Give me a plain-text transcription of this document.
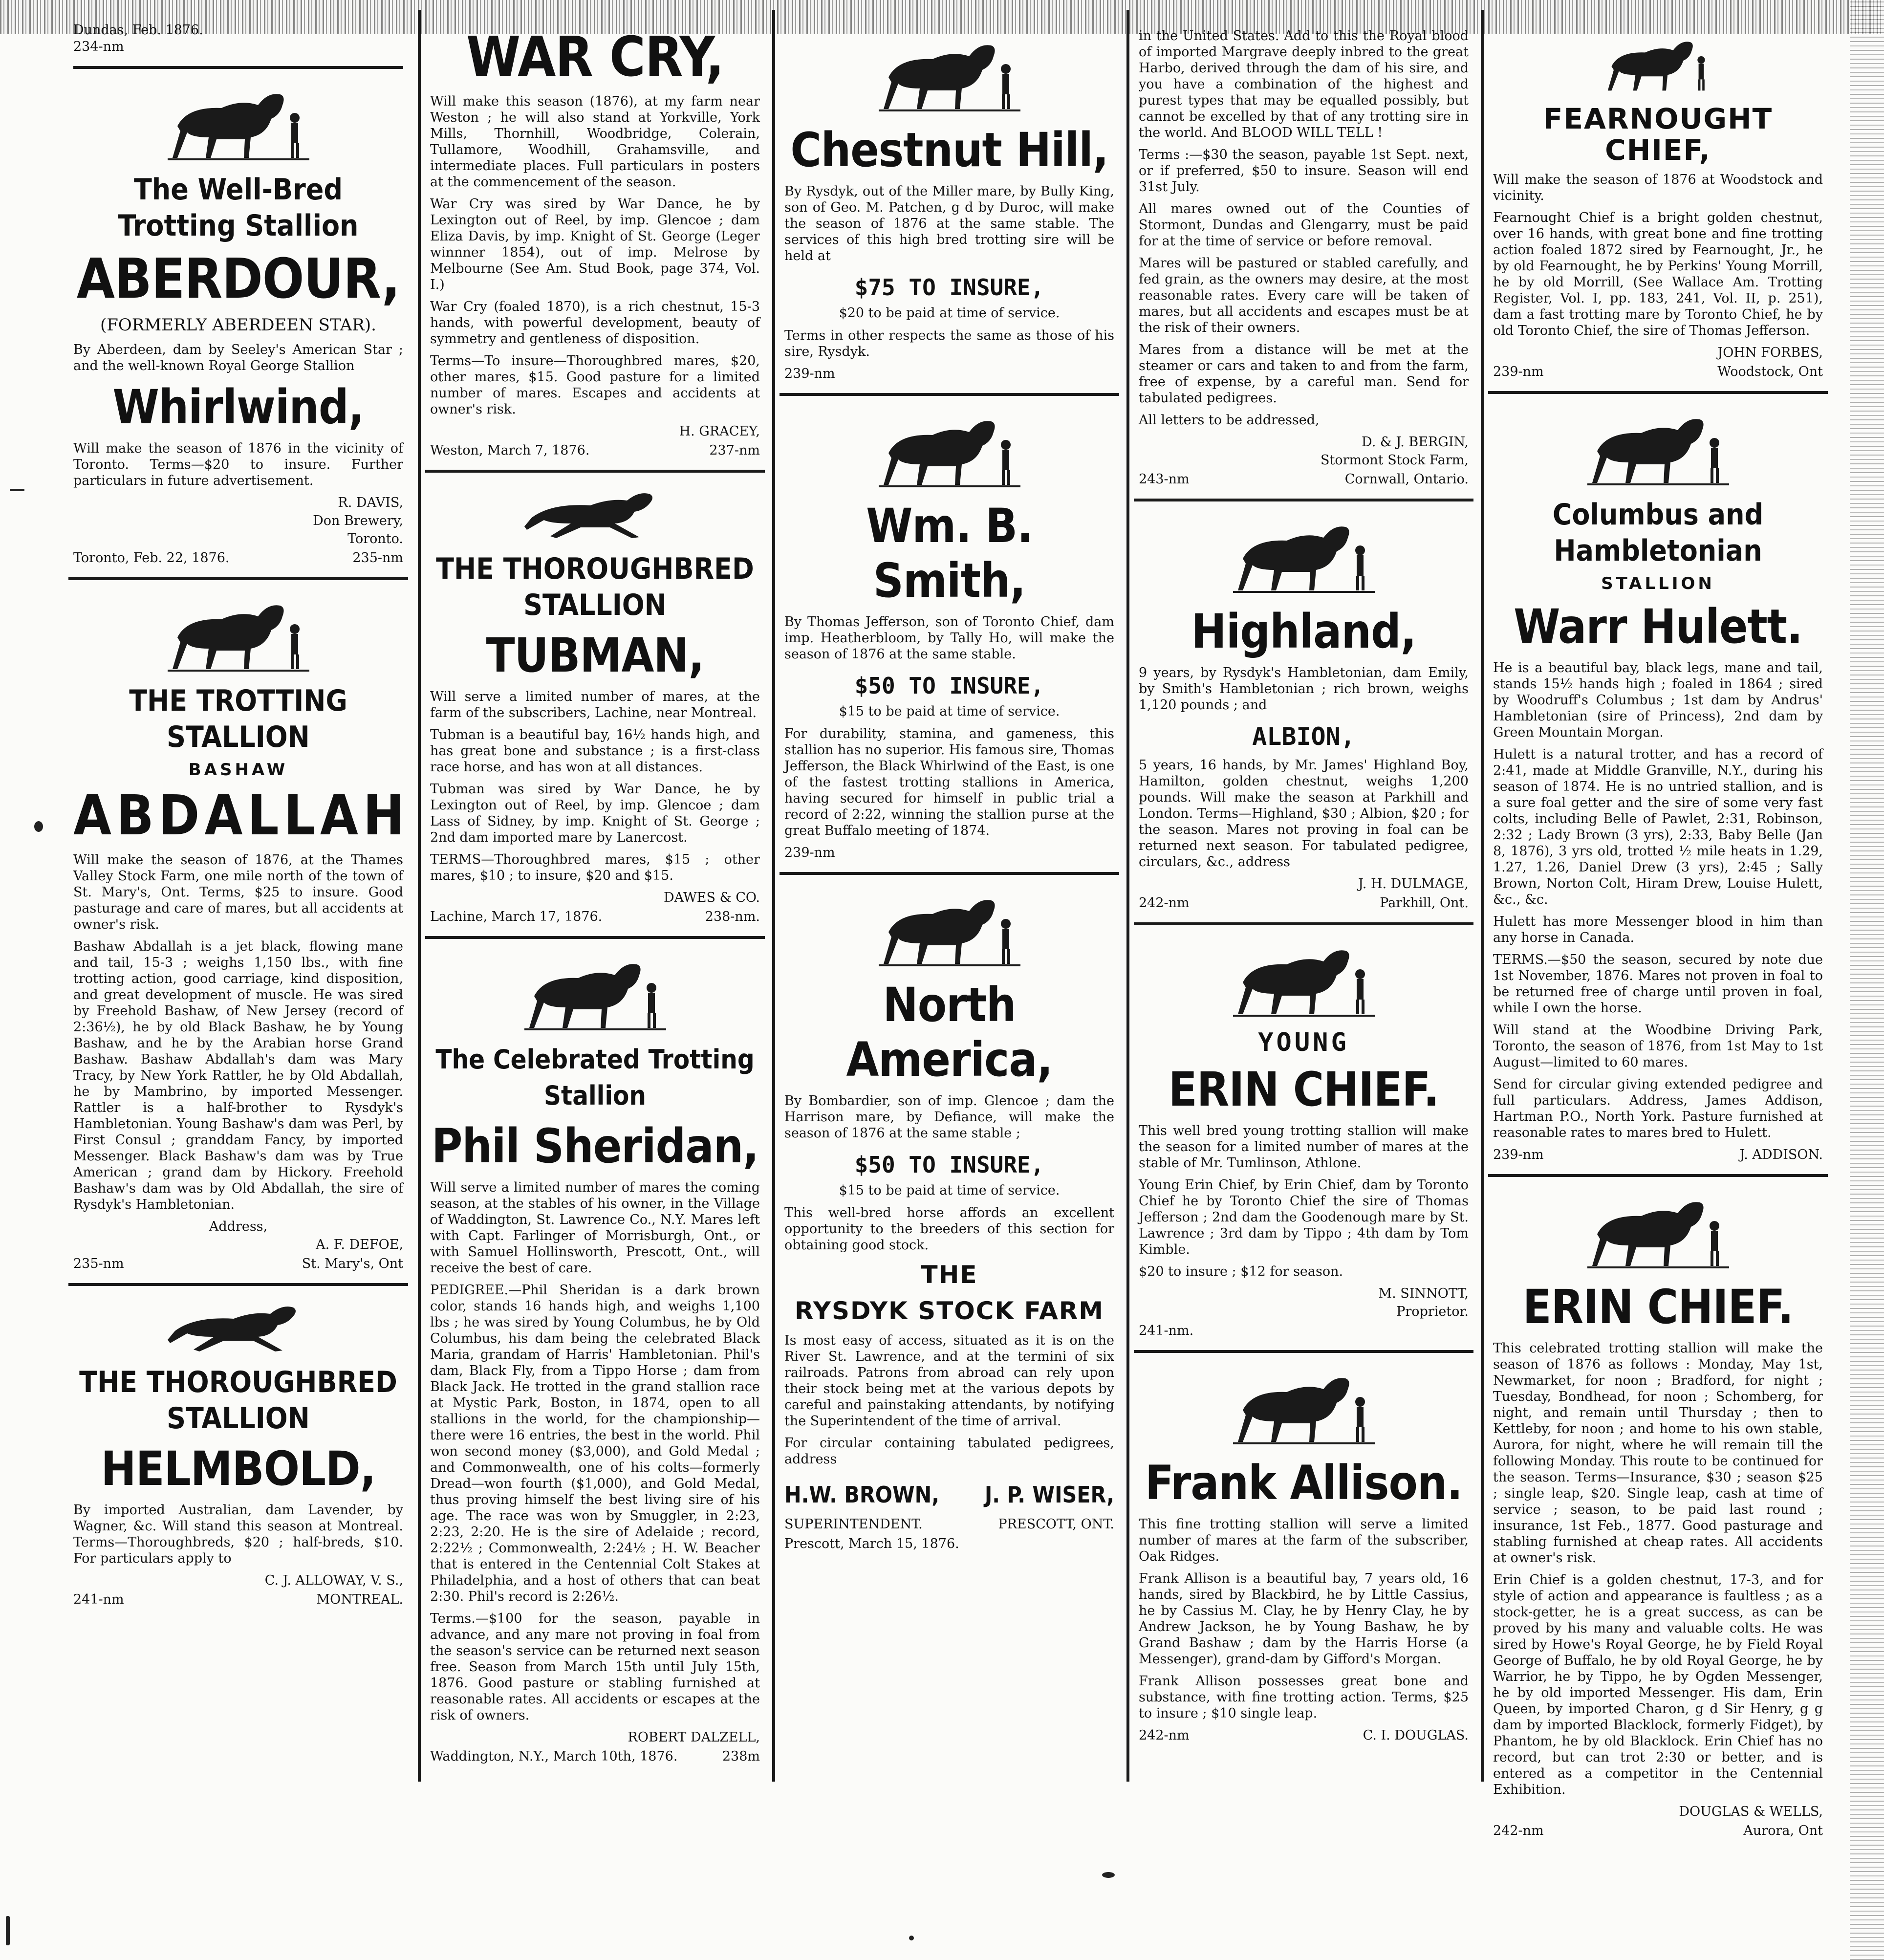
Dundas, Feb. 1876.
234-nm
The Well-Bred Trotting Stallion
ABERDOUR,
(FORMERLY ABERDEEN STAR).
By Aberdeen, dam by Seeley's American Star ; and the well-known Royal George Stallion
Whirlwind,
Will make the season of 1876 in the vicinity of Toronto. Terms—$20 to insure. Further particulars in future advertisement.
R. DAVIS,
Don Brewery,
Toronto.
Toronto, Feb. 22, 1876.	235-nm
THE TROTTING STALLION
BASHAW
ABDALLAH
Will make the season of 1876, at the Thames Valley Stock Farm, one mile north of the town of St. Mary's, Ont. Terms, $25 to insure. Good pasturage and care of mares, but all accidents at owner's risk.
Bashaw Abdallah is a jet black, flowing mane and tail, 15-3 ; weighs 1,150 lbs., with fine trotting action, good carriage, kind disposition, and great development of muscle. He was sired by Freehold Bashaw, of New Jersey (record of 2:36½), he by old Black Bashaw, he by Young Bashaw, and he by the Arabian horse Grand Bashaw. Bashaw Abdallah's dam was Mary Tracy, by New York Rattler, he by Old Abdallah, he by Mambrino, by imported Messenger. Rattler is a half-brother to Rysdyk's Hambletonian. Young Bashaw's dam was Perl, by First Consul ; granddam Fancy, by imported Messenger. Black Bashaw's dam was by True American ; grand dam by Hickory. Freehold Bashaw's dam was by Old Abdallah, the sire of Rysdyk's Hambletonian.
Address,
A. F. DEFOE,
235-nm	St. Mary's, Ont
THE THOROUGHBRED STALLION
HELMBOLD,
By imported Australian, dam Lavender, by Wagner, &c. Will stand this season at Montreal. Terms—Thoroughbreds, $20 ; half-breds, $10. For particulars apply to
C. J. ALLOWAY, V. S.,
241-nm	MONTREAL.
WAR CRY,
Will make this season (1876), at my farm near Weston ; he will also stand at Yorkville, York Mills, Thornhill, Woodbridge, Colerain, Tullamore, Woodhill, Grahamsville, and intermediate places. Full particulars in posters at the commencement of the season.
War Cry was sired by War Dance, he by Lexington out of Reel, by imp. Glencoe ; dam Eliza Davis, by imp. Knight of St. George (Leger winnner 1854), out of imp. Melrose by Melbourne (See Am. Stud Book, page 374, Vol. I.)
War Cry (foaled 1870), is a rich chestnut, 15-3 hands, with powerful development, beauty of symmetry and gentleness of disposition.
Terms—To insure—Thoroughbred mares, $20, other mares, $15. Good pasture for a limited number of mares. Escapes and accidents at owner's risk.
H. GRACEY,
Weston, March 7, 1876.	237-nm
THE THOROUGHBRED STALLION
TUBMAN,
Will serve a limited number of mares, at the farm of the subscribers, Lachine, near Montreal.
Tubman is a beautiful bay, 16½ hands high, and has great bone and substance ; is a first-class race horse, and has won at all distances.
Tubman was sired by War Dance, he by Lexington out of Reel, by imp. Glencoe ; dam Lass of Sidney, by imp. Knight of St. George ; 2nd dam imported mare by Lanercost.
TERMS—Thoroughbred mares, $15 ; other mares, $10 ; to insure, $20 and $15.
DAWES & CO.
Lachine, March 17, 1876.	238-nm.
The Celebrated Trotting Stallion
Phil Sheridan,
Will serve a limited number of mares the coming season, at the stables of his owner, in the Village of Waddington, St. Lawrence Co., N.Y. Mares left with Capt. Farlinger of Morrisburgh, Ont., or with Samuel Hollinsworth, Prescott, Ont., will receive the best of care.
PEDIGREE.—Phil Sheridan is a dark brown color, stands 16 hands high, and weighs 1,100 lbs ; he was sired by Young Columbus, he by Old Columbus, his dam being the celebrated Black Maria, grandam of Harris' Hambletonian. Phil's dam, Black Fly, from a Tippo Horse ; dam from Black Jack. He trotted in the grand stallion race at Mystic Park, Boston, in 1874, open to all stallions in the world, for the championship—there were 16 entries, the best in the world. Phil won second money ($3,000), and Gold Medal ; and Commonwealth, one of his colts—formerly Dread—won fourth ($1,000), and Gold Medal, thus proving himself the best living sire of his age. The race was won by Smuggler, in 2:23, 2:23, 2:20. He is the sire of Adelaide ; record, 2:22½ ; Commonwealth, 2:24½ ; H. W. Beacher that is entered in the Centennial Colt Stakes at Philadelphia, and a host of others that can beat 2:30. Phil's record is 2:26½.
Terms.—$100 for the season, payable in advance, and any mare not proving in foal from the season's service can be returned next season free. Season from March 15th until July 15th, 1876. Good pasture or stabling furnished at reasonable rates. All accidents or escapes at the risk of owners.
ROBERT DALZELL,
Waddington, N.Y., March 10th, 1876.	238m
Chestnut Hill,
By Rysdyk, out of the Miller mare, by Bully King, son of Geo. M. Patchen, g d by Duroc, will make the season of 1876 at the same stable. The services of this high bred trotting sire will be held at
$75 TO INSURE,
$20 to be paid at time of service.
Terms in other respects the same as those of his sire, Rysdyk.
239-nm
Wm. B. Smith,
By Thomas Jefferson, son of Toronto Chief, dam imp. Heatherbloom, by Tally Ho, will make the season of 1876 at the same stable.
$50 TO INSURE,
$15 to be paid at time of service.
For durability, stamina, and gameness, this stallion has no superior. His famous sire, Thomas Jefferson, the Black Whirlwind of the East, is one of the fastest trotting stallions in America, having secured for himself in public trial a record of 2:22, winning the stallion purse at the great Buffalo meeting of 1874.
239-nm
North America,
By Bombardier, son of imp. Glencoe ; dam the Harrison mare, by Defiance, will make the season of 1876 at the same stable ;
$50 TO INSURE,
$15 to be paid at time of service.
This well-bred horse affords an excellent opportunity to the breeders of this section for obtaining good stock.
THE
RYSDYK STOCK FARM
Is most easy of access, situated as it is on the River St. Lawrence, and at the termini of six railroads. Patrons from abroad can rely upon their stock being met at the various depots by careful and painstaking attendants, by notifying the Superintendent of the time of arrival.
For circular containing tabulated pedigrees, address
H.W. BROWN, J. P. WISER,
SUPERINTENDENT.	PRESCOTT, ONT.
Prescott, March 15, 1876.
in the United States. Add to this the Royal blood of imported Margrave deeply inbred to the great Harbo, derived through the dam of his sire, and you have a combination of the highest and purest types that may be equalled possibly, but cannot be excelled by that of any trotting sire in the world. And BLOOD WILL TELL !
Terms :—$30 the season, payable 1st Sept. next, or if preferred, $50 to insure. Season will end 31st July.
All mares owned out of the Counties of Stormont, Dundas and Glengarry, must be paid for at the time of service or before removal.
Mares will be pastured or stabled carefully, and fed grain, as the owners may desire, at the most reasonable rates. Every care will be taken of mares, but all accidents and escapes must be at the risk of their owners.
Mares from a distance will be met at the steamer or cars and taken to and from the farm, free of expense, by a careful man. Send for tabulated pedigrees.
All letters to be addressed,
D. & J. BERGIN,
Stormont Stock Farm,
243-nm	Cornwall, Ontario.
Highland,
9 years, by Rysdyk's Hambletonian, dam Emily, by Smith's Hambletonian ; rich brown, weighs 1,120 pounds ; and
ALBION,
5 years, 16 hands, by Mr. James' Highland Boy, Hamilton, golden chestnut, weighs 1,200 pounds. Will make the season at Parkhill and London. Terms—Highland, $30 ; Albion, $20 ; for the season. Mares not proving in foal can be returned next season. For tabulated pedigree, circulars, &c., address
J. H. DULMAGE,
242-nm	Parkhill, Ont.
YOUNG
ERIN CHIEF.
This well bred young trotting stallion will make the season for a limited number of mares at the stable of Mr. Tumlinson, Athlone.
Young Erin Chief, by Erin Chief, dam by Toronto Chief he by Toronto Chief the sire of Thomas Jefferson ; 2nd dam the Goodenough mare by St. Lawrence ; 3rd dam by Tippo ; 4th dam by Tom Kimble.
$20 to insure ; $12 for season.
M. SINNOTT,
Proprietor.
241-nm.
Frank Allison.
This fine trotting stallion will serve a limited number of mares at the farm of the subscriber, Oak Ridges.
Frank Allison is a beautiful bay, 7 years old, 16 hands, sired by Blackbird, he by Little Cassius, he by Cassius M. Clay, he by Henry Clay, he by Andrew Jackson, he by Young Bashaw, he by Grand Bashaw ; dam by the Harris Horse (a Messenger), grand-dam by Gifford's Morgan.
Frank Allison possesses great bone and substance, with fine trotting action. Terms, $25 to insure ; $10 single leap.
242-nm	C. I. DOUGLAS.
FEARNOUGHT CHIEF,
Will make the season of 1876 at Woodstock and vicinity.
Fearnought Chief is a bright golden chestnut, over 16 hands, with great bone and fine trotting action foaled 1872 sired by Fearnought, Jr., he by old Fearnought, he by Perkins' Young Morrill, he by old Morrill, (See Wallace Am. Trotting Register, Vol. I, pp. 183, 241, Vol. II, p. 251), dam a fast trotting mare by Toronto Chief, he by old Toronto Chief, the sire of Thomas Jefferson.
JOHN FORBES,
239-nm	Woodstock, Ont
Columbus and Hambletonian
STALLION
Warr Hulett.
He is a beautiful bay, black legs, mane and tail, stands 15½ hands high ; foaled in 1864 ; sired by Woodruff's Columbus ; 1st dam by Andrus' Hambletonian (sire of Princess), 2nd dam by Green Mountain Morgan.
Hulett is a natural trotter, and has a record of 2:41, made at Middle Granville, N.Y., during his season of 1874. He is no untried stallion, and is a sure foal getter and the sire of some very fast colts, including Belle of Pawlet, 2:31, Robinson, 2:32 ; Lady Brown (3 yrs), 2:33, Baby Belle (Jan 8, 1876), 3 yrs old, trotted ½ mile heats in 1.29, 1.27, 1.26, Daniel Drew (3 yrs), 2:45 ; Sally Brown, Norton Colt, Hiram Drew, Louise Hulett, &c., &c.
Hulett has more Messenger blood in him than any horse in Canada.
TERMS.—$50 the season, secured by note due 1st November, 1876. Mares not proven in foal to be returned free of charge until proven in foal, while I own the horse.
Will stand at the Woodbine Driving Park, Toronto, the season of 1876, from 1st May to 1st August—limited to 60 mares.
Send for circular giving extended pedigree and full particulars. Address, James Addison, Hartman P.O., North York. Pasture furnished at reasonable rates to mares bred to Hulett.
239-nm	J. ADDISON.
ERIN CHIEF.
This celebrated trotting stallion will make the season of 1876 as follows : Monday, May 1st, Newmarket, for noon ; Bradford, for night ; Tuesday, Bondhead, for noon ; Schomberg, for night, and remain until Thursday ; then to Kettleby, for noon ; and home to his own stable, Aurora, for night, where he will remain till the following Monday. This route to be continued for the season. Terms—Insurance, $30 ; season $25 ; single leap, $20. Single leap, cash at time of service ; season, to be paid last round ; insurance, 1st Feb., 1877. Good pasturage and stabling furnished at cheap rates. All accidents at owner's risk.
Erin Chief is a golden chestnut, 17-3, and for style of action and appearance is faultless ; as a stock-getter, he is a great success, as can be proved by his many and valuable colts. He was sired by Howe's Royal George, he by Field Royal George of Buffalo, he by old Royal George, he by Warrior, he by Tippo, he by Ogden Messenger, he by old imported Messenger. His dam, Erin Queen, by imported Charon, g d Sir Henry, g g dam by imported Blacklock, formerly Fidget), by Phantom, he by old Blacklock. Erin Chief has no record, but can trot 2:30 or better, and is entered as a competitor in the Centennial Exhibition.
DOUGLAS & WELLS,
242-nm	Aurora, Ont
